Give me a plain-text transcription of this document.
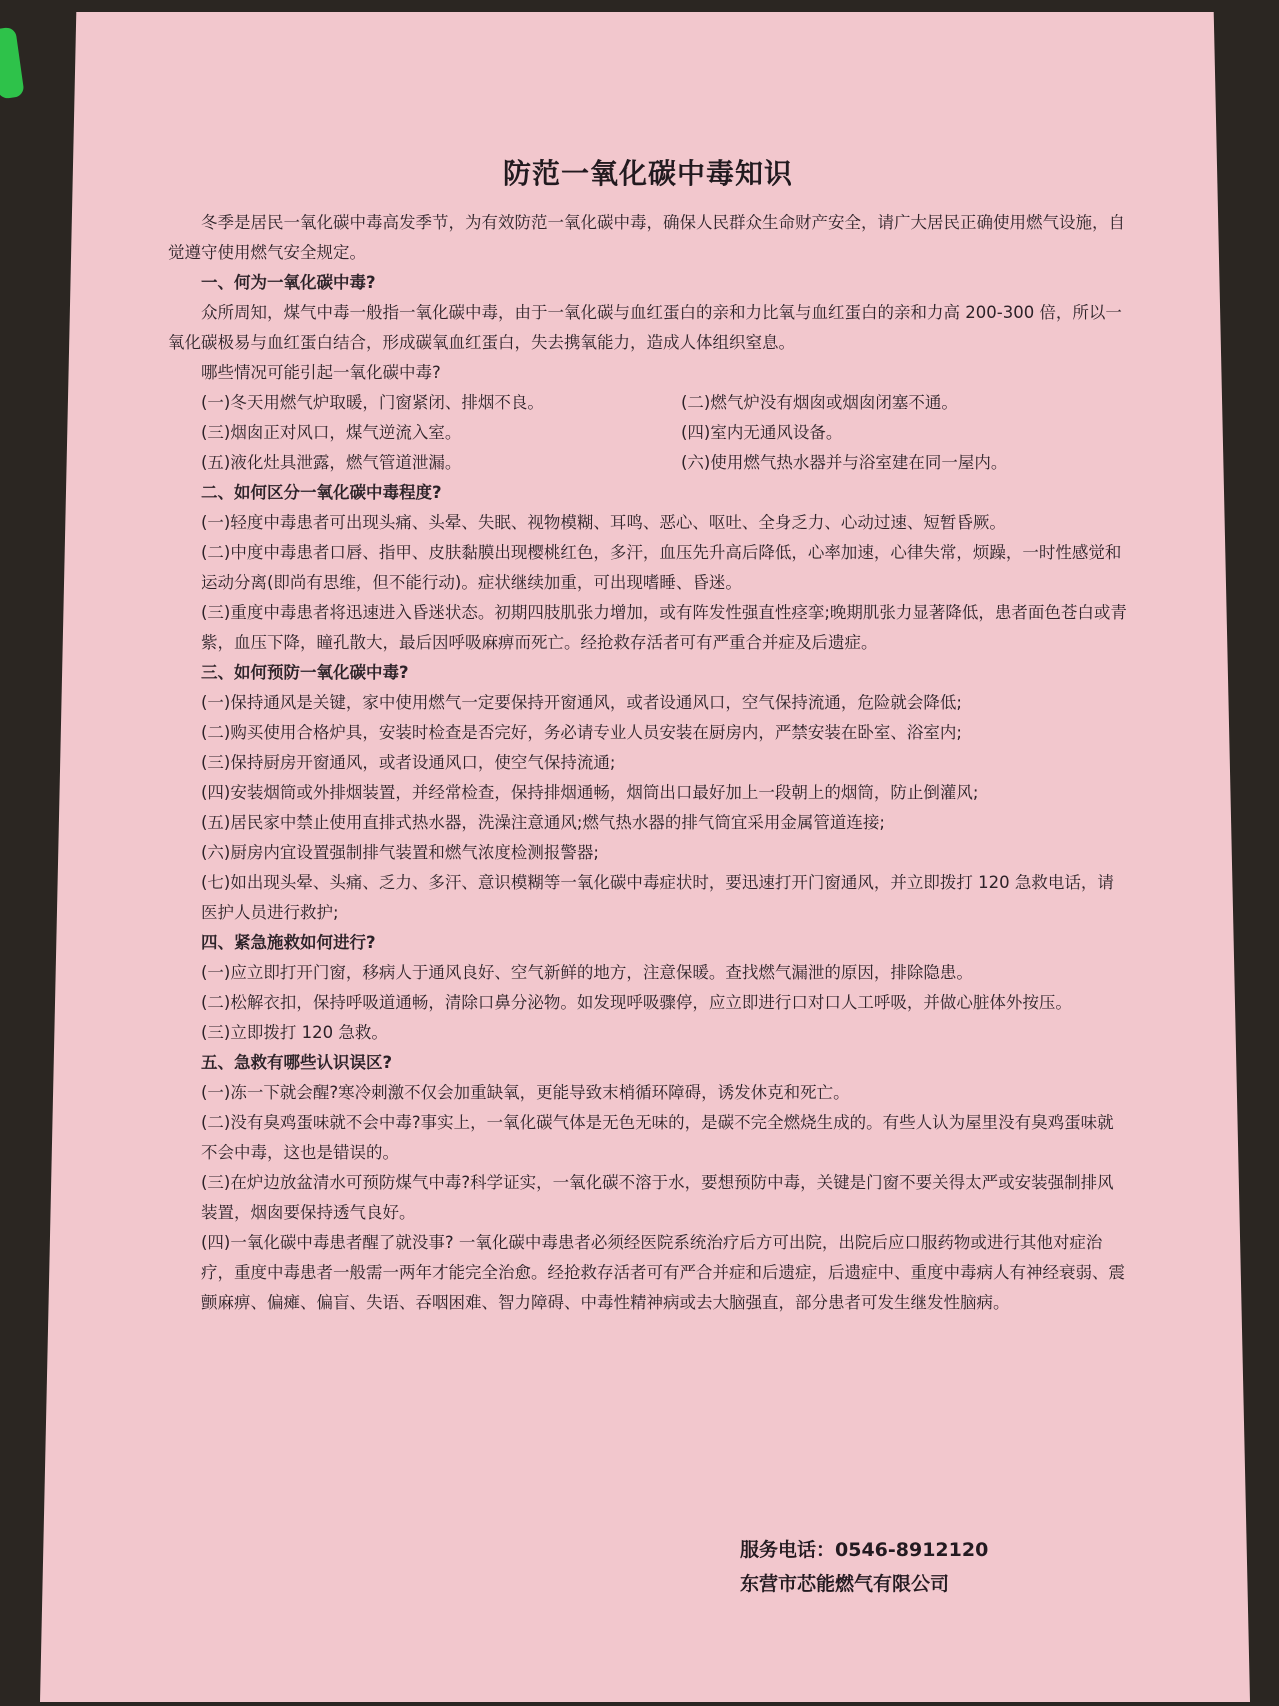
防范一氧化碳中毒知识

冬季是居民一氧化碳中毒高发季节，为有效防范一氧化碳中毒，确保人民群众生命财产安全，请广大居民正确使用燃气设施，自觉遵守使用燃气安全规定。

一、何为一氧化碳中毒?

众所周知，煤气中毒一般指一氧化碳中毒，由于一氧化碳与血红蛋白的亲和力比氧与血红蛋白的亲和力高 200-300 倍，所以一氧化碳极易与血红蛋白结合，形成碳氧血红蛋白，失去携氧能力，造成人体组织窒息。

哪些情况可能引起一氧化碳中毒?

(一)冬天用燃气炉取暖，门窗紧闭、排烟不良。	(二)燃气炉没有烟囱或烟囱闭塞不通。
(三)烟囱正对风口，煤气逆流入室。	(四)室内无通风设备。
(五)液化灶具泄露，燃气管道泄漏。	(六)使用燃气热水器并与浴室建在同一屋内。

二、如何区分一氧化碳中毒程度?

(一)轻度中毒患者可出现头痛、头晕、失眠、视物模糊、耳鸣、恶心、呕吐、全身乏力、心动过速、短暂昏厥。

(二)中度中毒患者口唇、指甲、皮肤黏膜出现樱桃红色，多汗，血压先升高后降低，心率加速，心律失常，烦躁，一时性感觉和运动分离(即尚有思维，但不能行动)。症状继续加重，可出现嗜睡、昏迷。

(三)重度中毒患者将迅速进入昏迷状态。初期四肢肌张力增加，或有阵发性强直性痉挛;晚期肌张力显著降低，患者面色苍白或青紫，血压下降，瞳孔散大，最后因呼吸麻痹而死亡。经抢救存活者可有严重合并症及后遗症。

三、如何预防一氧化碳中毒?

(一)保持通风是关键，家中使用燃气一定要保持开窗通风，或者设通风口，空气保持流通，危险就会降低;

(二)购买使用合格炉具，安装时检查是否完好，务必请专业人员安装在厨房内，严禁安装在卧室、浴室内;

(三)保持厨房开窗通风，或者设通风口，使空气保持流通;

(四)安装烟筒或外排烟装置，并经常检查，保持排烟通畅，烟筒出口最好加上一段朝上的烟筒，防止倒灌风;

(五)居民家中禁止使用直排式热水器，洗澡注意通风;燃气热水器的排气筒宜采用金属管道连接;

(六)厨房内宜设置强制排气装置和燃气浓度检测报警器;

(七)如出现头晕、头痛、乏力、多汗、意识模糊等一氧化碳中毒症状时，要迅速打开门窗通风，并立即拨打 120 急救电话，请医护人员进行救护;

四、紧急施救如何进行?

(一)应立即打开门窗，移病人于通风良好、空气新鲜的地方，注意保暖。查找燃气漏泄的原因，排除隐患。

(二)松解衣扣，保持呼吸道通畅，清除口鼻分泌物。如发现呼吸骤停，应立即进行口对口人工呼吸，并做心脏体外按压。

(三)立即拨打 120 急救。

五、急救有哪些认识误区?

(一)冻一下就会醒?寒冷刺激不仅会加重缺氧，更能导致末梢循环障碍，诱发休克和死亡。

(二)没有臭鸡蛋味就不会中毒?事实上，一氧化碳气体是无色无味的，是碳不完全燃烧生成的。有些人认为屋里没有臭鸡蛋味就不会中毒，这也是错误的。

(三)在炉边放盆清水可预防煤气中毒?科学证实，一氧化碳不溶于水，要想预防中毒，关键是门窗不要关得太严或安装强制排风装置，烟囱要保持透气良好。

(四)一氧化碳中毒患者醒了就没事? 一氧化碳中毒患者必须经医院系统治疗后方可出院，出院后应口服药物或进行其他对症治疗，重度中毒患者一般需一两年才能完全治愈。经抢救存活者可有严合并症和后遗症，后遗症中、重度中毒病人有神经衰弱、震颤麻痹、偏瘫、偏盲、失语、吞咽困难、智力障碍、中毒性精神病或去大脑强直，部分患者可发生继发性脑病。

服务电话：0546-8912120
东营市芯能燃气有限公司
